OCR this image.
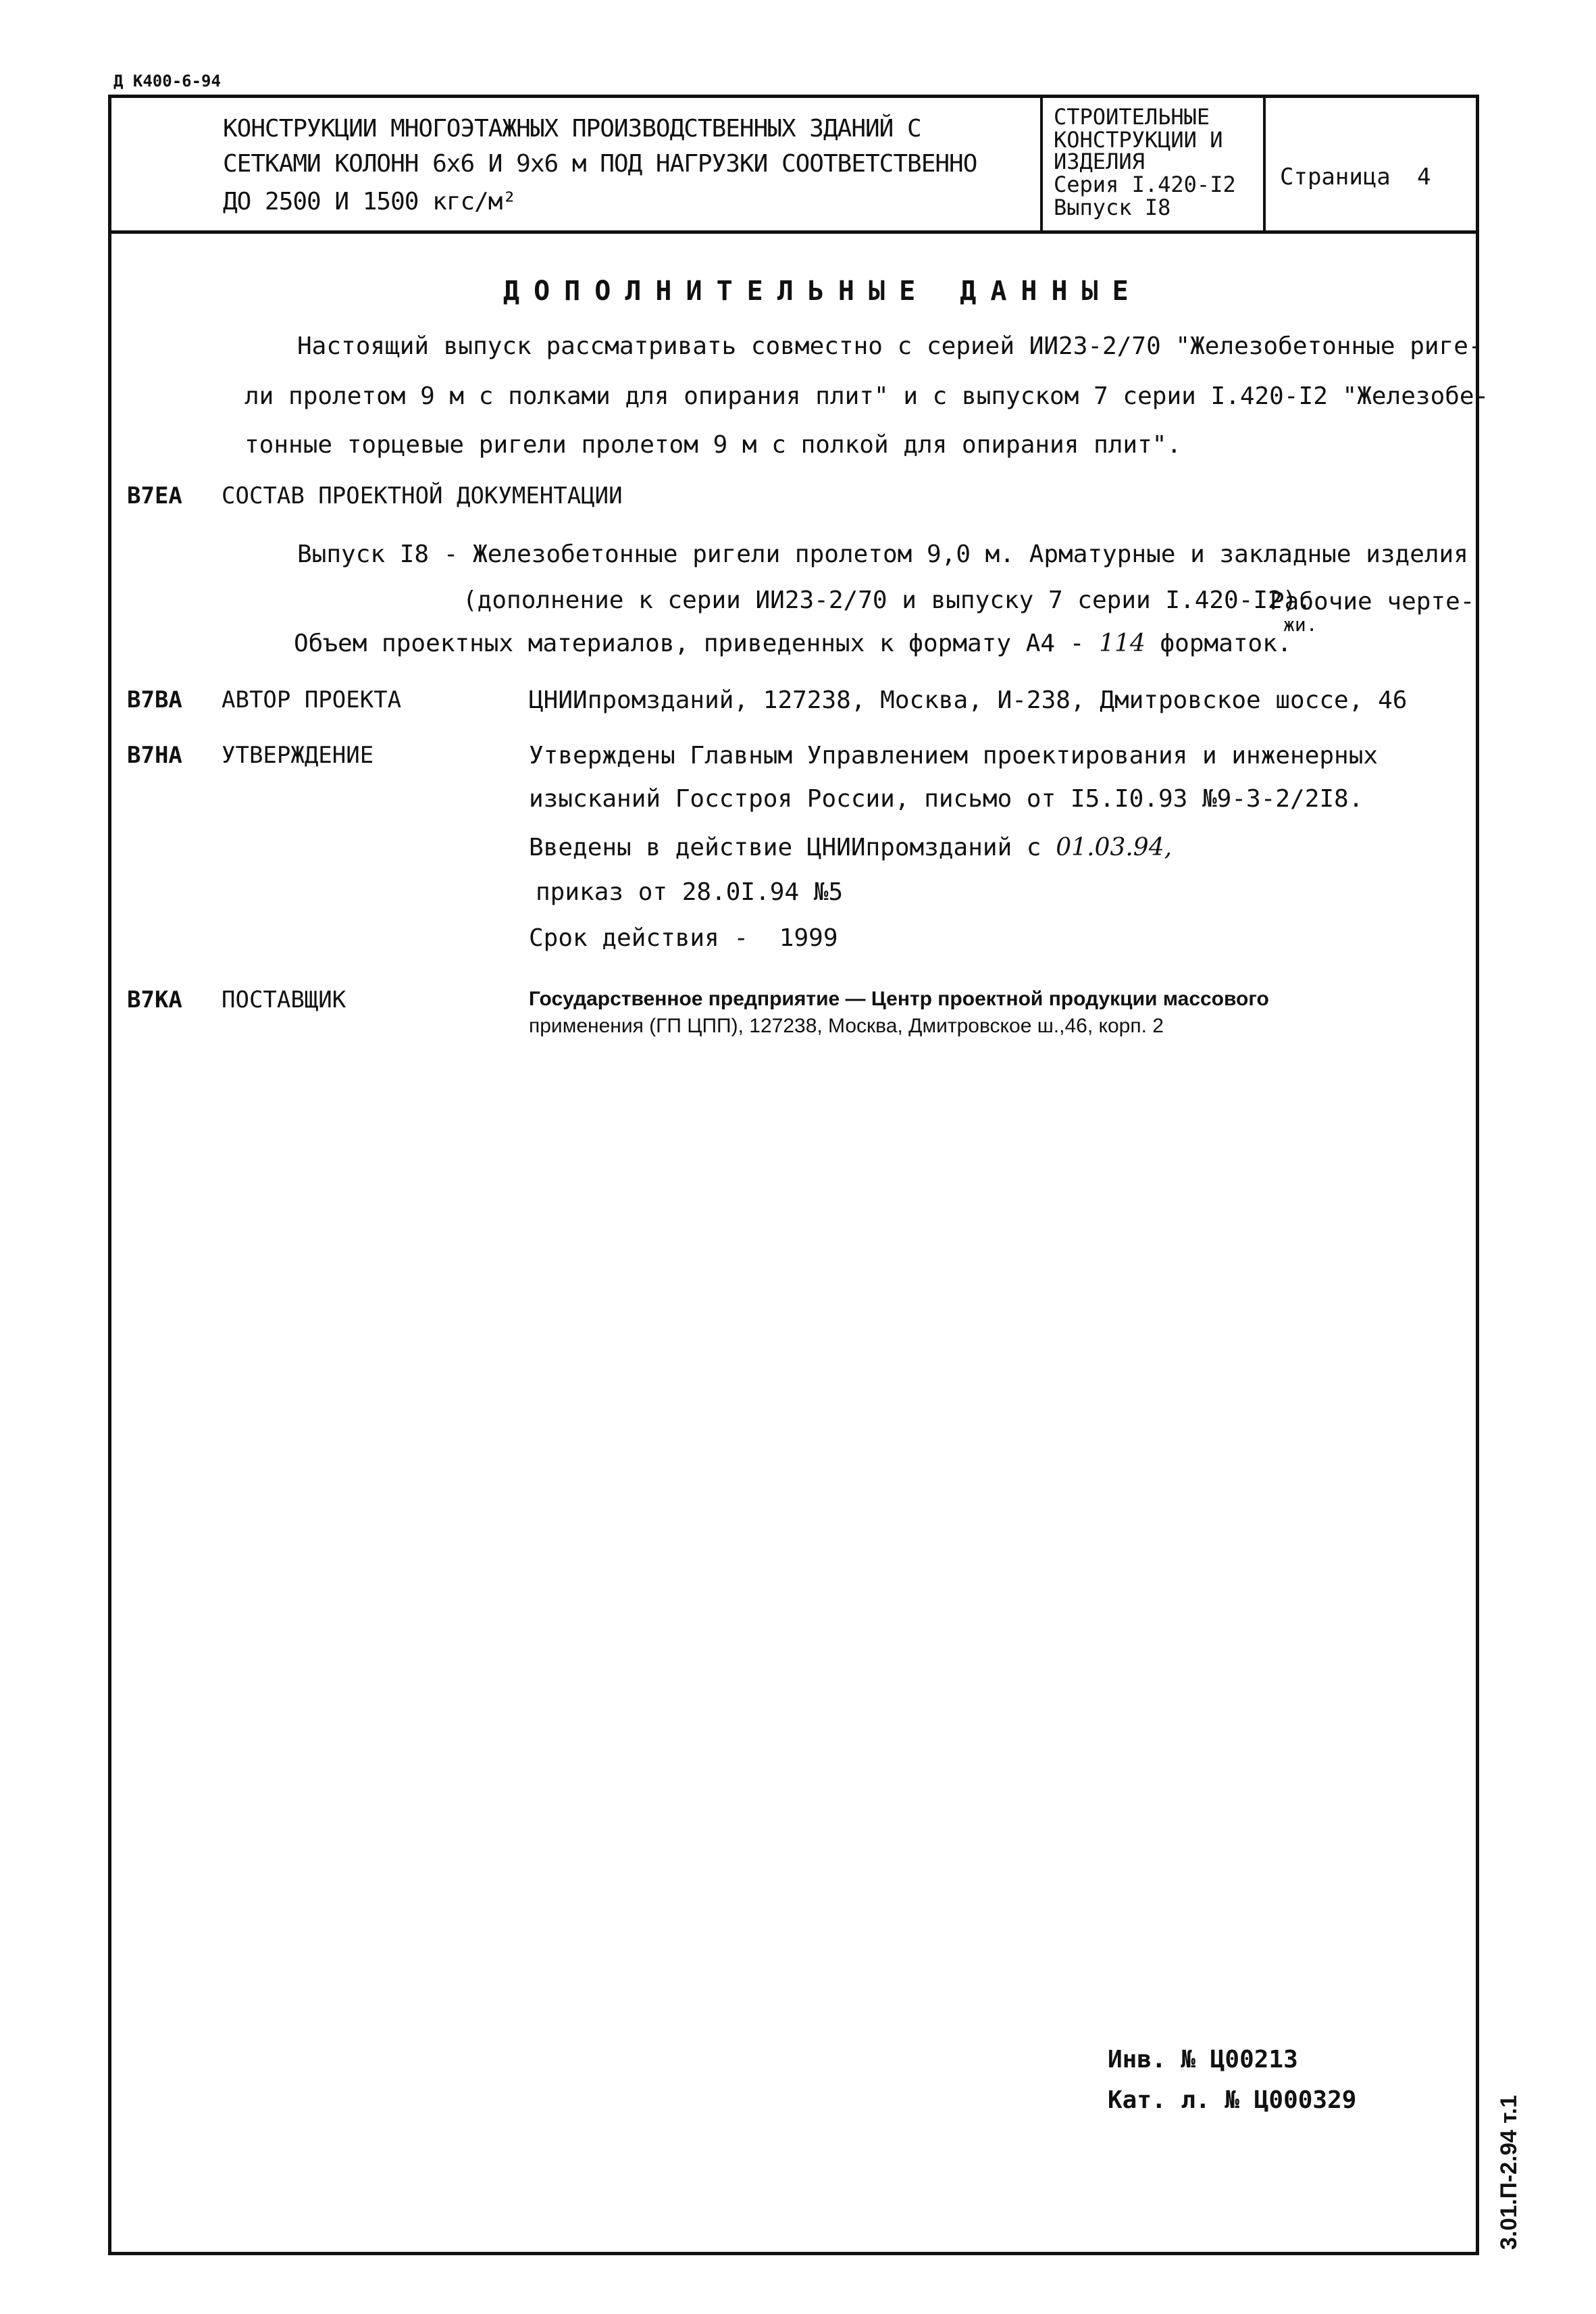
Д К400-6-94
КОНСТРУКЦИИ МНОГОЭТАЖНЫХ ПРОИЗВОДСТВЕННЫХ ЗДАНИЙ С
СЕТКАМИ КОЛОНН 6х6 И 9х6 м ПОД НАГРУЗКИ СООТВЕТСТВЕННО
ДО 2500 И 1500 кгс/м²
СТРОИТЕЛЬНЫЕ
КОНСТРУКЦИИ И
ИЗДЕЛИЯ
Серия I.420-I2
Выпуск I8
Страница 4
ДОПОЛНИТЕЛЬНЫЕ ДАННЫЕ
Настоящий выпуск рассматривать совместно с серией ИИ23-2/70 "Железобетонные риге-
ли пролетом 9 м с полками для опирания плит" и с выпуском 7 серии I.420-I2 "Железобе-
тонные торцевые ригели пролетом 9 м с полкой для опирания плит".
В7ЕА СОСТАВ ПРОЕКТНОЙ ДОКУМЕНТАЦИИ
Выпуск I8 - Железобетонные ригели пролетом 9,0 м. Арматурные и закладные изделия
(дополнение к серии ИИ23-2/70 и выпуску 7 серии I.420-I2).
Рабочие черте-
жи.
Объем проектных материалов, приведенных к формату А4 - 114 форматок.
В7ВА АВТОР ПРОЕКТА	ЦНИИпромзданий, 127238, Москва, И-238, Дмитровское шоссе, 46
В7НА УТВЕРЖДЕНИЕ	Утверждены Главным Управлением проектирования и инженерных
изысканий Госстроя России, письмо от I5.I0.93 №9-3-2/2I8.
Введены в действие ЦНИИпромзданий с 01.03.94,
приказ от 28.0I.94 №5
Срок действия - 1999
В7КА ПОСТАВЩИК	Государственное предприятие — Центр проектной продукции массового
применения (ГП ЦПП), 127238, Москва, Дмитровское ш.,46, корп. 2
Инв. № Ц00213
Кат. л. № Ц000329	3.01.П-2.94 т.1
